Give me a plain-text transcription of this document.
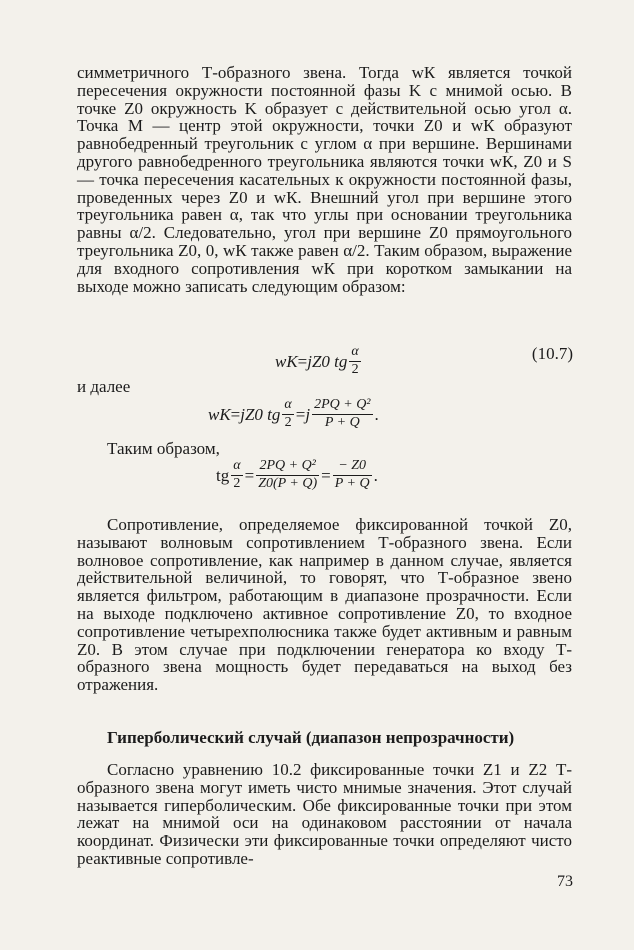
симметричного Т-образного звена. Тогда wК является точкой пересечения окружности постоянной фазы K с мнимой осью. В точке Z0 окружность K образует с действительной осью угол α. Точка M — центр этой окружности, точки Z0 и wК образуют равнобедренный треугольник с углом α при вершине. Вершинами другого равнобедренного треугольника являются точки wК, Z0 и S — точка пересечения касательных к окружности постоянной фазы, проведенных через Z0 и wК. Внешний угол при вершине этого треугольника равен α, так что углы при основании треугольника равны α/2. Следовательно, угол при вершине Z0 прямоугольного треугольника Z0, 0, wК также равен α/2. Таким образом, выражение для входного сопротивления wК при коротком замыкании на выходе можно записать следующим образом:

wК = jZ0 tg $\frac{\alpha}{2}$	(10.7)
и далее
wК = jZ0 tg $\frac{\alpha}{2} = j \frac{\text{2PQ + Q²}}{P + Q}$ .
Таким образом,
tg $\frac{\alpha}{2} = \frac{\text{2PQ + Q²}}{Z0(P + Q)} = \frac{- Z0}{P + Q}$ .

Сопротивление, определяемое фиксированной точкой Z0, называют волновым сопротивлением Т-образного звена. Если волновое сопротивление, как например в данном случае, является действительной величиной, то говорят, что Т-образное звено является фильтром, работающим в диапазоне прозрачности. Если на выходе подключено активное сопротивление Z0, то входное сопротивление четырехполюсника также будет активным и равным Z0. В этом случае при подключении генератора ко входу Т-образного звена мощность будет передаваться на выход без отражения.

Гиперболический случай (диапазон непрозрачности)

Согласно уравнению 10.2 фиксированные точки Z1 и Z2 Т-образного звена могут иметь чисто мнимые значения. Этот случай называется гиперболическим. Обе фиксированные точки при этом лежат на мнимой оси на одинаковом расстоянии от начала координат. Физически эти фиксированные точки определяют чисто реактивные сопротивле-

73
